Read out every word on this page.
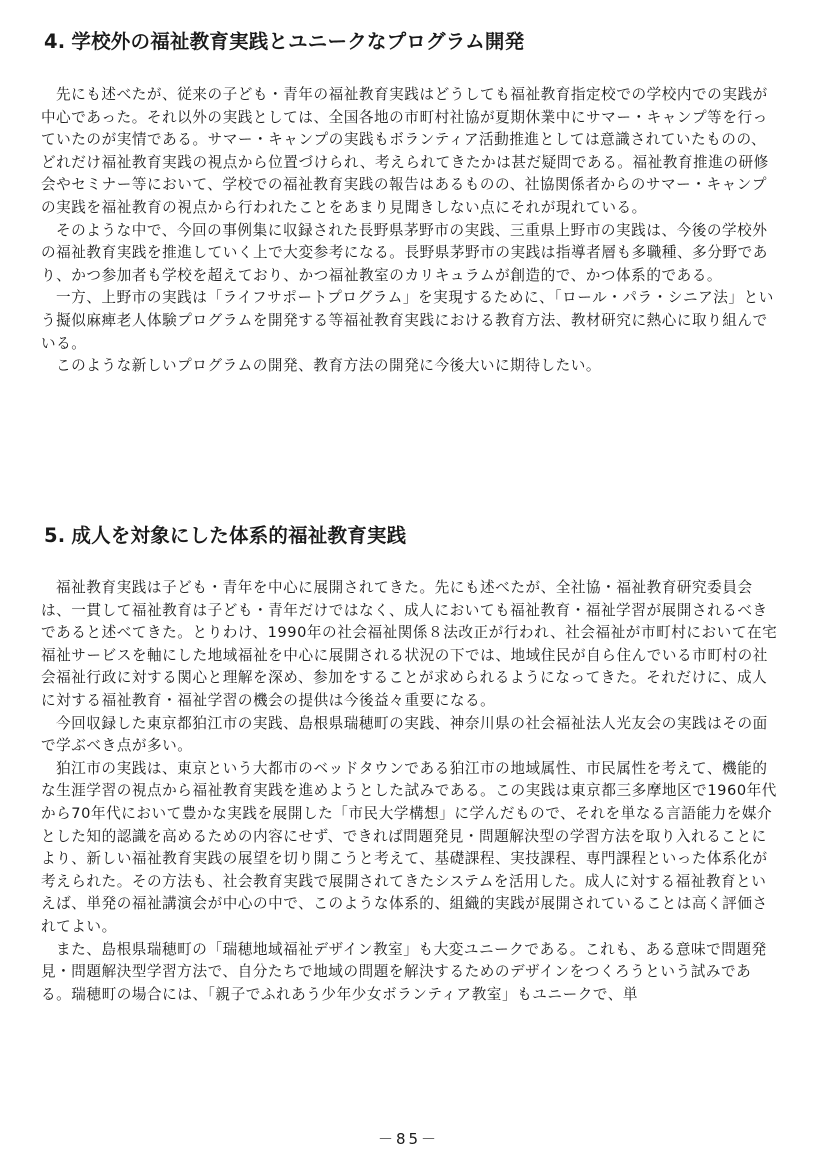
4. 学校外の福祉教育実践とユニークなプログラム開発

先にも述べたが、従来の子ども・青年の福祉教育実践はどうしても福祉教育指定校での学校内での実践が中心であった。それ以外の実践としては、全国各地の市町村社協が夏期休業中にサマー・キャンプ等を行っていたのが実情である。サマー・キャンプの実践もボランティア活動推進としては意識されていたものの、どれだけ福祉教育実践の視点から位置づけられ、考えられてきたかは甚だ疑問である。福祉教育推進の研修会やセミナー等において、学校での福祉教育実践の報告はあるものの、社協関係者からのサマー・キャンプの実践を福祉教育の視点から行われたことをあまり見聞きしない点にそれが現れている。

そのような中で、今回の事例集に収録された長野県茅野市の実践、三重県上野市の実践は、今後の学校外の福祉教育実践を推進していく上で大変参考になる。長野県茅野市の実践は指導者層も多職種、多分野であり、かつ参加者も学校を超えており、かつ福祉教室のカリキュラムが創造的で、かつ体系的である。

一方、上野市の実践は「ライフサポートプログラム」を実現するために、「ロール・パラ・シニア法」という擬似麻痺老人体験プログラムを開発する等福祉教育実践における教育方法、教材研究に熱心に取り組んでいる。

このような新しいプログラムの開発、教育方法の開発に今後大いに期待したい。

5. 成人を対象にした体系的福祉教育実践

福祉教育実践は子ども・青年を中心に展開されてきた。先にも述べたが、全社協・福祉教育研究委員会は、一貫して福祉教育は子ども・青年だけではなく、成人においても福祉教育・福祉学習が展開されるべきであると述べてきた。とりわけ、1990年の社会福祉関係８法改正が行われ、社会福祉が市町村において在宅福祉サービスを軸にした地域福祉を中心に展開される状況の下では、地域住民が自ら住んでいる市町村の社会福祉行政に対する関心と理解を深め、参加をすることが求められるようになってきた。それだけに、成人に対する福祉教育・福祉学習の機会の提供は今後益々重要になる。

今回収録した東京都狛江市の実践、島根県瑞穂町の実践、神奈川県の社会福祉法人光友会の実践はその面で学ぶべき点が多い。

狛江市の実践は、東京という大都市のベッドタウンである狛江市の地域属性、市民属性を考えて、機能的な生涯学習の視点から福祉教育実践を進めようとした試みである。この実践は東京都三多摩地区で1960年代から70年代において豊かな実践を展開した「市民大学構想」に学んだもので、それを単なる言語能力を媒介とした知的認識を高めるための内容にせず、できれば問題発見・問題解決型の学習方法を取り入れることにより、新しい福祉教育実践の展望を切り開こうと考えて、基礎課程、実技課程、専門課程といった体系化が考えられた。その方法も、社会教育実践で展開されてきたシステムを活用した。成人に対する福祉教育といえば、単発の福祉講演会が中心の中で、このような体系的、組織的実践が展開されていることは高く評価されてよい。

また、島根県瑞穂町の「瑞穂地域福祉デザイン教室」も大変ユニークである。これも、ある意味で問題発見・問題解決型学習方法で、自分たちで地域の問題を解決するためのデザインをつくろうという試みである。瑞穂町の場合には、「親子でふれあう少年少女ボランティア教室」もユニークで、単

－85－
